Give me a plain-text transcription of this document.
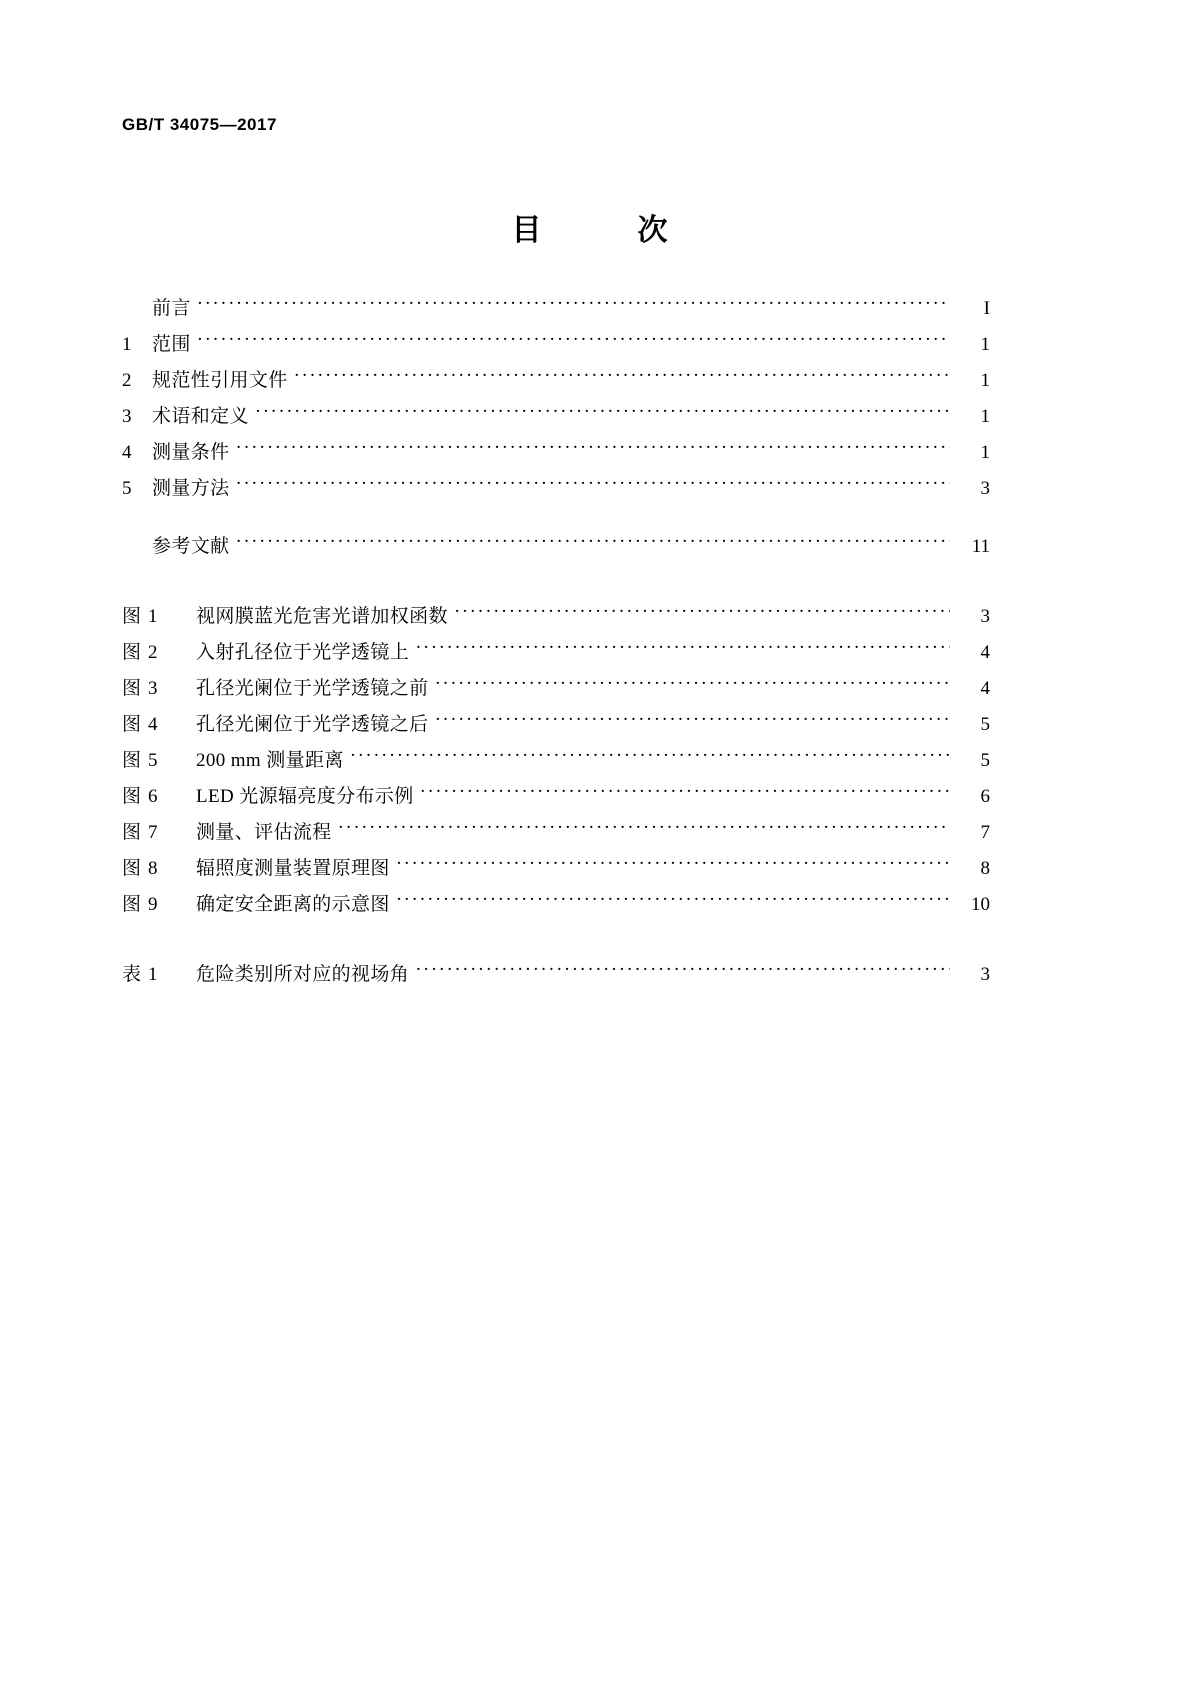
GB/T 34075—2017
目　　次
前言 ·····	I
1	范围 ·····	1
2	规范性引用文件 ·····	1
3	术语和定义 ·····	1
4	测量条件 ·····	1
5	测量方法 ·····	3
参考文献 ·····	11
图 1	视网膜蓝光危害光谱加权函数 ·····	3
图 2	入射孔径位于光学透镜上 ·····	4
图 3	孔径光阑位于光学透镜之前 ·····	4
图 4	孔径光阑位于光学透镜之后 ·····	5
图 5	200 mm 测量距离 ·····	5
图 6	LED 光源辐亮度分布示例 ·····	6
图 7	测量、评估流程 ·····	7
图 8	辐照度测量装置原理图 ·····	8
图 9	确定安全距离的示意图 ·····	10
表 1	危险类别所对应的视场角 ·····	3
